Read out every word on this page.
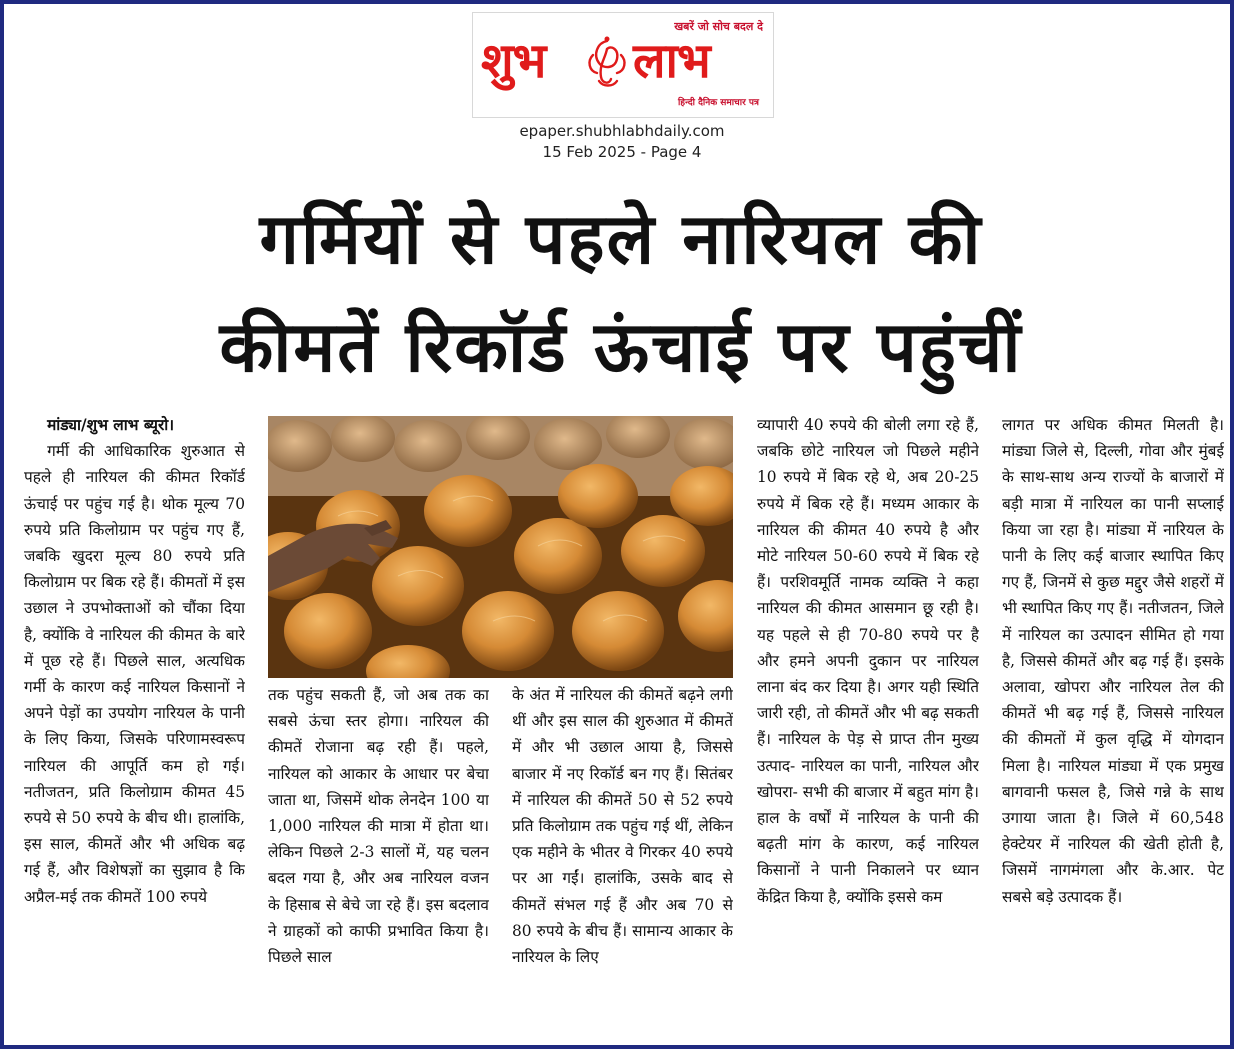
खबरें जो सोच बदल दे
शुभ लाभ
हिन्दी दैनिक समाचार पत्र
epaper.shubhlabhdaily.com
15 Feb 2025 - Page 4
गर्मियों से पहले नारियल की
कीमतें रिकॉर्ड ऊंचाई पर पहुंचीं
मांड्या/शुभ लाभ ब्यूरो।

गर्मी की आधिकारिक शुरुआत से पहले ही नारियल की कीमत रिकॉर्ड ऊंचाई पर पहुंच गई है। थोक मूल्य 70 रुपये प्रति किलोग्राम पर पहुंच गए हैं, जबकि खुदरा मूल्य 80 रुपये प्रति किलोग्राम पर बिक रहे हैं। कीमतों में इस उछाल ने उपभोक्ताओं को चौंका दिया है, क्योंकि वे नारियल की कीमत के बारे में पूछ रहे हैं। पिछले साल, अत्यधिक गर्मी के कारण कई नारियल किसानों ने अपने पेड़ों का उपयोग नारियल के पानी के लिए किया, जिसके परिणामस्वरूप नारियल की आपूर्ति कम हो गई। नतीजतन, प्रति किलोग्राम कीमत 45 रुपये से 50 रुपये के बीच थी। हालांकि, इस साल, कीमतें और भी अधिक बढ़ गई हैं, और विशेषज्ञों का सुझाव है कि अप्रैल-मई तक कीमतें 100 रुपये

तक पहुंच सकती हैं, जो अब तक का सबसे ऊंचा स्तर होगा। नारियल की कीमतें रोजाना बढ़ रही हैं। पहले, नारियल को आकार के आधार पर बेचा जाता था, जिसमें थोक लेनदेन 100 या 1,000 नारियल की मात्रा में होता था। लेकिन पिछले 2-3 सालों में, यह चलन बदल गया है, और अब नारियल वजन के हिसाब से बेचे जा रहे हैं। इस बदलाव ने ग्राहकों को काफी प्रभावित किया है। पिछले साल

के अंत में नारियल की कीमतें बढ़ने लगी थीं और इस साल की शुरुआत में कीमतें में और भी उछाल आया है, जिससे बाजार में नए रिकॉर्ड बन गए हैं। सितंबर में नारियल की कीमतें 50 से 52 रुपये प्रति किलोग्राम तक पहुंच गई थीं, लेकिन एक महीने के भीतर वे गिरकर 40 रुपये पर आ गईं। हालांकि, उसके बाद से कीमतें संभल गई हैं और अब 70 से 80 रुपये के बीच हैं। सामान्य आकार के नारियल के लिए

व्यापारी 40 रुपये की बोली लगा रहे हैं, जबकि छोटे नारियल जो पिछले महीने 10 रुपये में बिक रहे थे, अब 20-25 रुपये में बिक रहे हैं। मध्यम आकार के नारियल की कीमत 40 रुपये है और मोटे नारियल 50-60 रुपये में बिक रहे हैं। परशिवमूर्ति नामक व्यक्ति ने कहा नारियल की कीमत आसमान छू रही है। यह पहले से ही 70-80 रुपये पर है और हमने अपनी दुकान पर नारियल लाना बंद कर दिया है। अगर यही स्थिति जारी रही, तो कीमतें और भी बढ़ सकती हैं। नारियल के पेड़ से प्राप्त तीन मुख्य उत्पाद- नारियल का पानी, नारियल और खोपरा- सभी की बाजार में बहुत मांग है। हाल के वर्षों में नारियल के पानी की बढ़ती मांग के कारण, कई नारियल किसानों ने पानी निकालने पर ध्यान केंद्रित किया है, क्योंकि इससे कम

लागत पर अधिक कीमत मिलती है। मांड्या जिले से, दिल्ली, गोवा और मुंबई के साथ-साथ अन्य राज्यों के बाजारों में बड़ी मात्रा में नारियल का पानी सप्लाई किया जा रहा है। मांड्या में नारियल के पानी के लिए कई बाजार स्थापित किए गए हैं, जिनमें से कुछ मद्दुर जैसे शहरों में भी स्थापित किए गए हैं। नतीजतन, जिले में नारियल का उत्पादन सीमित हो गया है, जिससे कीमतें और बढ़ गई हैं। इसके अलावा, खोपरा और नारियल तेल की कीमतें भी बढ़ गई हैं, जिससे नारियल की कीमतों में कुल वृद्धि में योगदान मिला है। नारियल मांड्या में एक प्रमुख बागवानी फसल है, जिसे गन्ने के साथ उगाया जाता है। जिले में 60,548 हेक्टेयर में नारियल की खेती होती है, जिसमें नागमंगला और के.आर. पेट सबसे बड़े उत्पादक हैं।
